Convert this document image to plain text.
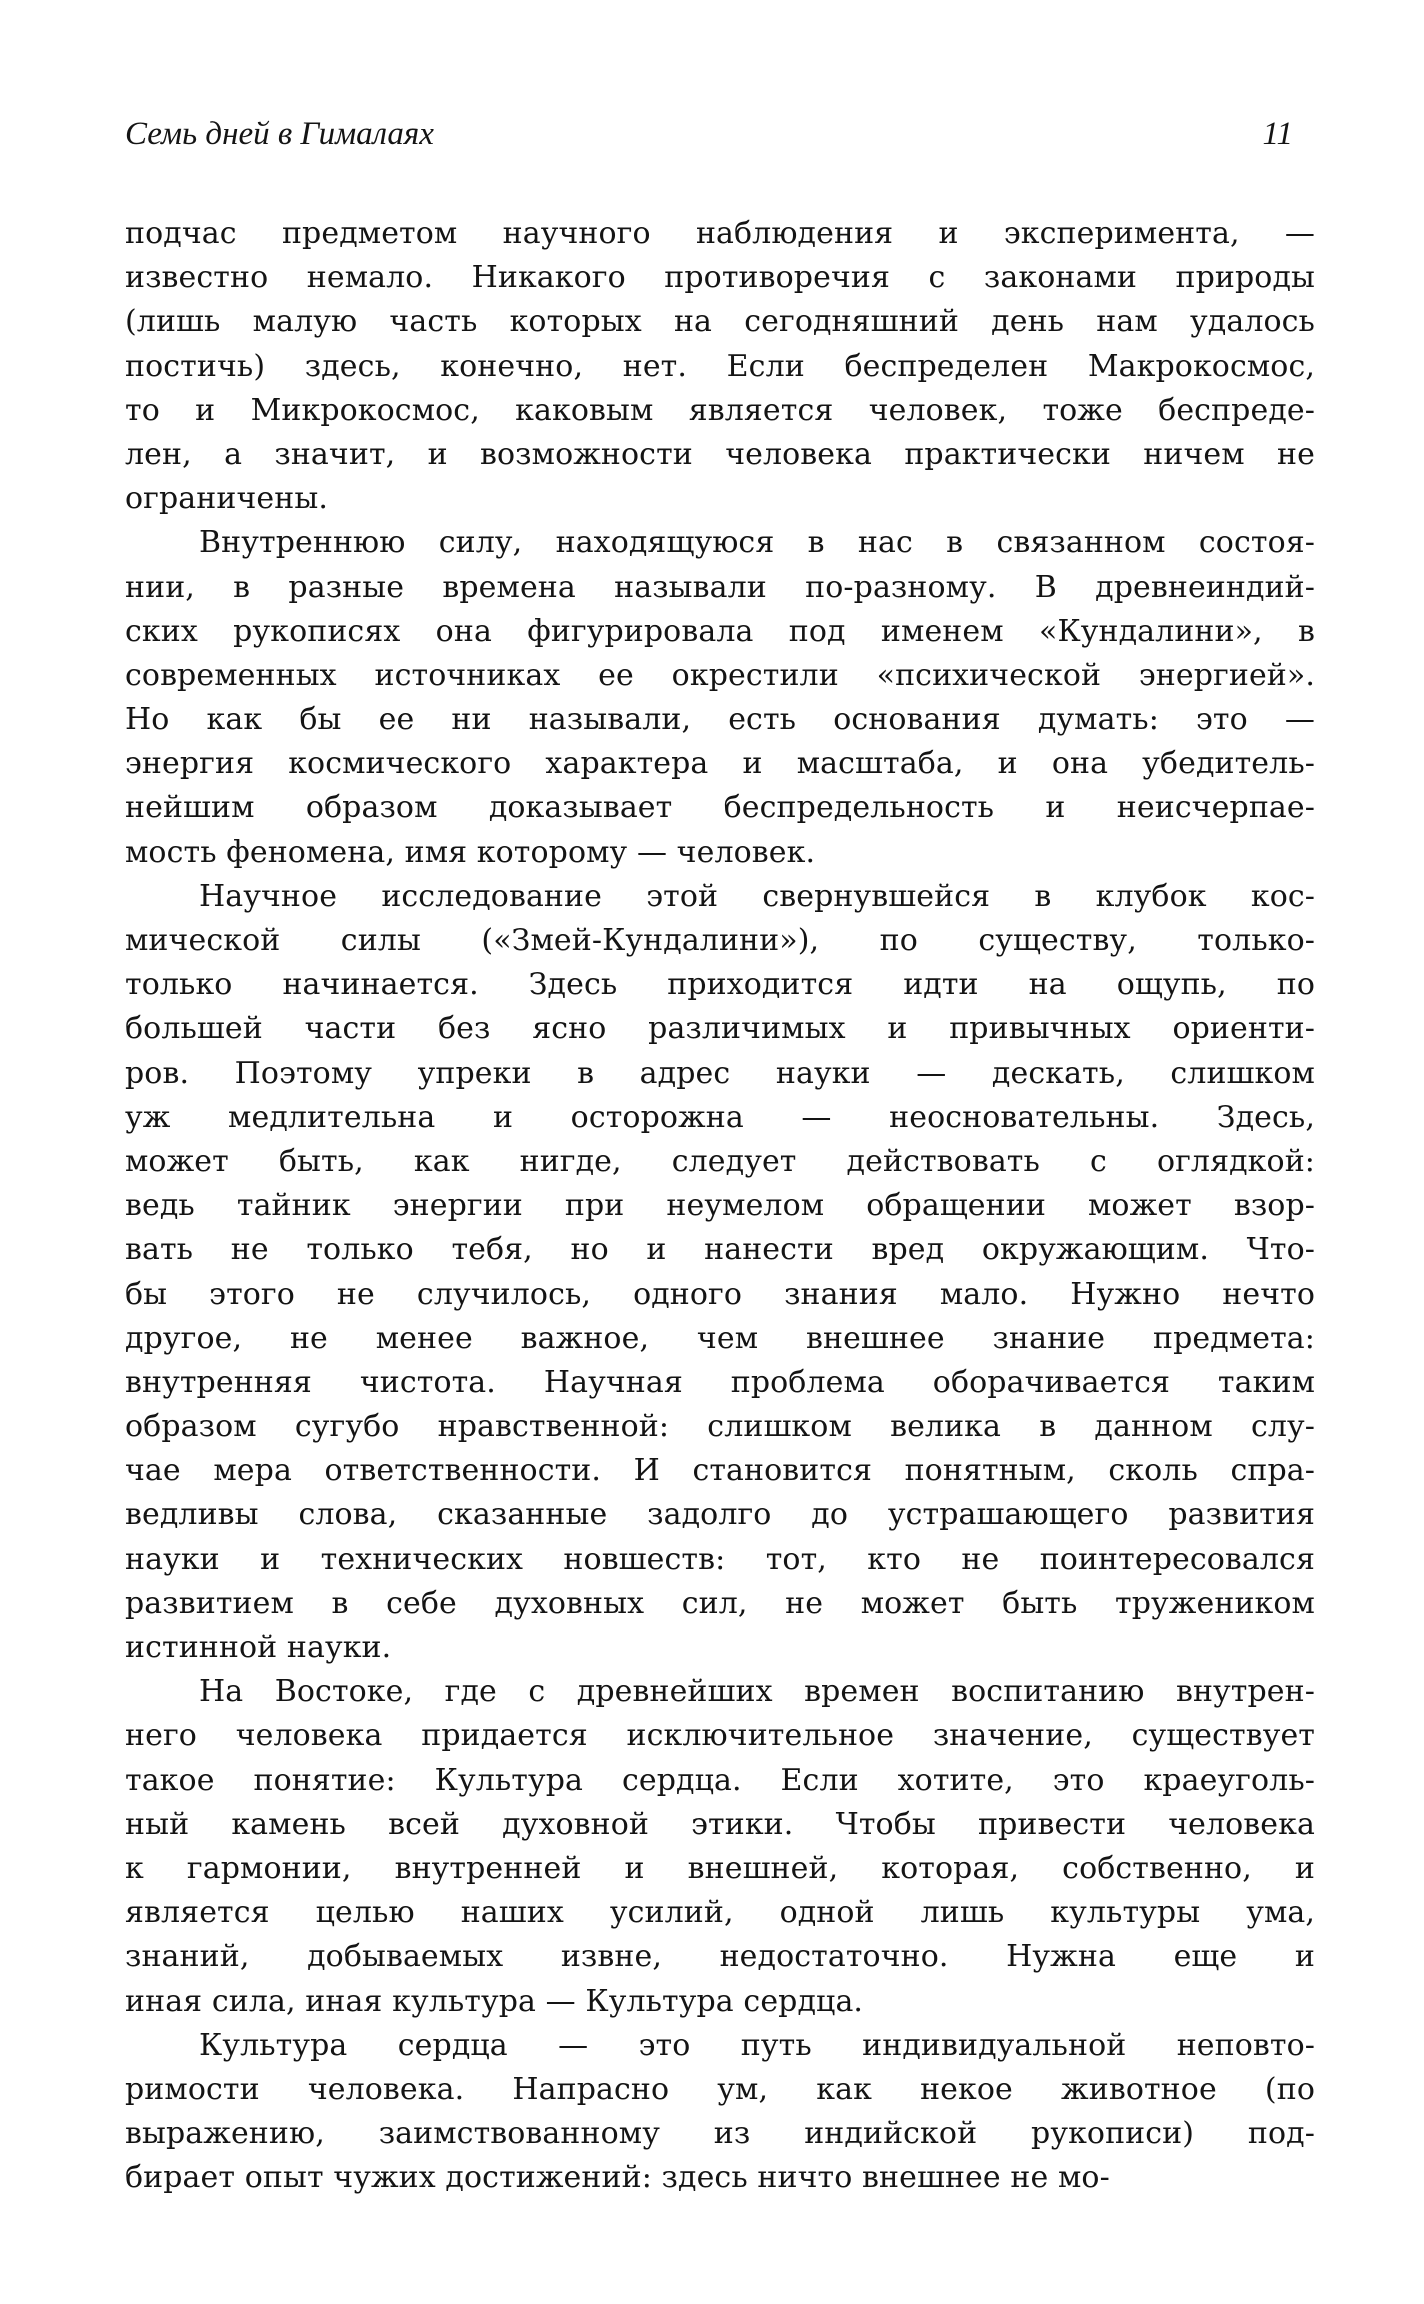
Семь дней в Гималаях	11
подчас предметом научного наблюдения и эксперимента, —
известно немало. Никакого противоречия с законами природы
(лишь малую часть которых на сегодняшний день нам удалось
постичь) здесь, конечно, нет. Если беспределен Макрокосмос,
то и Микрокосмос, каковым является человек, тоже беспреде-
лен, а значит, и возможности человека практически ничем не
ограничены.
Внутреннюю силу, находящуюся в нас в связанном состоя-
нии, в разные времена называли по-разному. В древнеиндий-
ских рукописях она фигурировала под именем «Кундалини», в
современных источниках ее окрестили «психической энергией».
Но как бы ее ни называли, есть основания думать: это —
энергия космического характера и масштаба, и она убедитель-
нейшим образом доказывает беспредельность и неисчерпае-
мость феномена, имя которому — человек.
Научное исследование этой свернувшейся в клубок кос-
мической силы («Змей-Кундалини»), по существу, только-
только начинается. Здесь приходится идти на ощупь, по
большей части без ясно различимых и привычных ориенти-
ров. Поэтому упреки в адрес науки — дескать, слишком
уж медлительна и осторожна — неосновательны. Здесь,
может быть, как нигде, следует действовать с оглядкой:
ведь тайник энергии при неумелом обращении может взор-
вать не только тебя, но и нанести вред окружающим. Что-
бы этого не случилось, одного знания мало. Нужно нечто
другое, не менее важное, чем внешнее знание предмета:
внутренняя чистота. Научная проблема оборачивается таким
образом сугубо нравственной: слишком велика в данном слу-
чае мера ответственности. И становится понятным, сколь спра-
ведливы слова, сказанные задолго до устрашающего развития
науки и технических новшеств: тот, кто не поинтересовался
развитием в себе духовных сил, не может быть тружеником
истинной науки.
На Востоке, где с древнейших времен воспитанию внутрен-
него человека придается исключительное значение, существует
такое понятие: Культура сердца. Если хотите, это краеуголь-
ный камень всей духовной этики. Чтобы привести человека
к гармонии, внутренней и внешней, которая, собственно, и
является целью наших усилий, одной лишь культуры ума,
знаний, добываемых извне, недостаточно. Нужна еще и
иная сила, иная культура — Культура сердца.
Культура сердца — это путь индивидуальной неповто-
римости человека. Напрасно ум, как некое животное (по
выражению, заимствованному из индийской рукописи) под-
бирает опыт чужих достижений: здесь ничто внешнее не мо-
